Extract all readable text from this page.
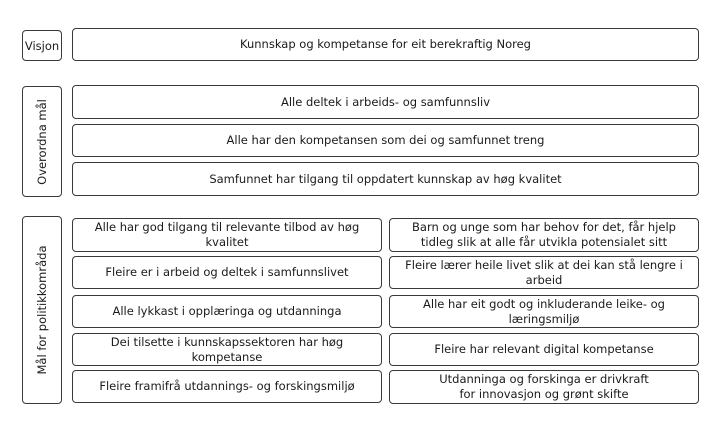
Visjon	Kunnskap og kompetanse for eit berekraftig Noreg
Overordna mål	Alle deltek i arbeids- og samfunnsliv
Alle har den kompetansen som dei og samfunnet treng
Samfunnet har tilgang til oppdatert kunnskap av høg kvalitet
Mål for politikkområda
Alle har god tilgang til relevante tilbod av høg kvalitet
Fleire er i arbeid og deltek i samfunnslivet
Alle lykkast i opplæringa og utdanninga
Dei tilsette i kunnskapssektoren har høg kompetanse
Fleire framifrå utdannings- og forskingsmiljø
Barn og unge som har behov for det, får hjelp
tidleg slik at alle får utvikla potensialet sitt
Fleire lærer heile livet slik at dei kan stå lengre i arbeid
Alle har eit godt og inkluderande leike- og læringsmiljø
Fleire har relevant digital kompetanse
Utdanninga og forskinga er drivkraft
for innovasjon og grønt skifte
